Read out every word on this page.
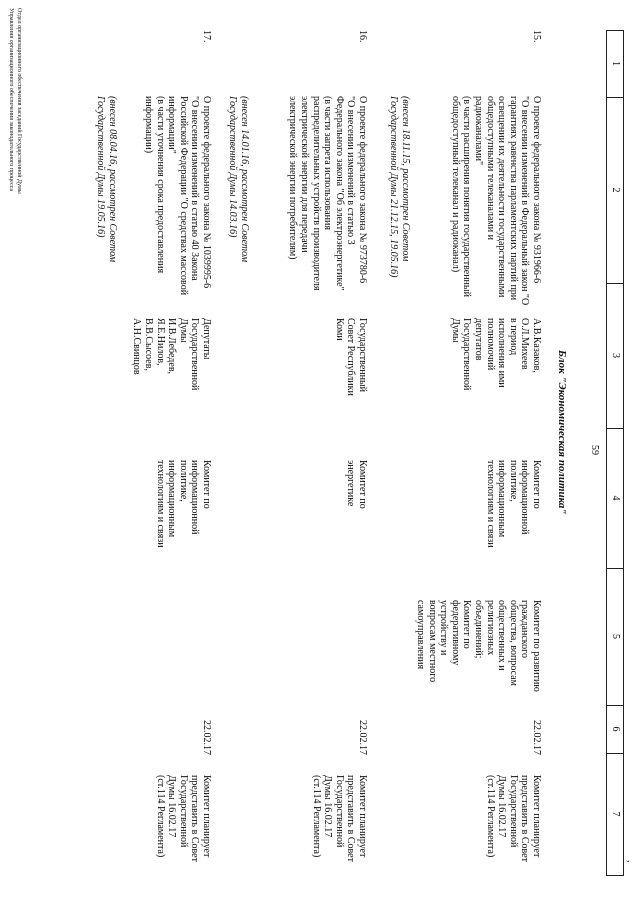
1
2
3
4
5
6
7
,
59
Блок "Экономическая политика"
15.
О проекте федерального закона № 931966-6
"О внесении изменений в Федеральный закон "О гарантиях равенства парламентских партий при освещении их деятельности государственными общедоступными телеканалами и радиоканалами"
(в части расширения понятия государственный общедоступный телеканал и радиоканал)
(внесен 18.11.15, рассмотрен Советом Государственной Думы 21.12.15, 19.05.16)
А.В.Казаков,
О.Л.Михеев
в период
исполнения ими
полномочий
депутатов
Государственной
Думы
Комитет по
информационной
политике,
информационным
технологиям и связи
Комитет по развитию
гражданского
общества, вопросам
общественных и
религиозных
объединений;
Комитет по
федеративному
устройству и
вопросам местного
самоуправления
22.02.17
Комитет планирует
представить в Совет
Государственной
Думы 16.02.17
(ст.114 Регламента)
16.
О проекте федерального закона № 973780-6
"О внесении изменений в статью 3
Федерального закона "Об электроэнергетике"
(в части запрета использования распределительных устройств производителя электрической энергии для передачи электрической энергии потребителям)
(внесен 14.01.16, рассмотрен Советом Государственной Думы 14.03.16)
Государственный
Совет Республики
Коми
Комитет по
энергетике
22.02.17
Комитет планирует
представить в Совет
Государственной
Думы 16.02.17
(ст.114 Регламента)
17.
О проекте федерального закона № 1039995-6
"О внесении изменений в статью 40 Закона Российской Федерации "О средствах массовой информации"
(в части уточнения срока предоставления информации)
(внесен 08.04.16, рассмотрен Советом Государственной Думы 19.05.16)
Депутаты
Государственной
Думы
И.В.Лебедев,
Я.Е.Нилов,
В.В.Сысоев,
А.Н.Свинцов
Комитет по
информационной
политике,
информационным
технологиям и связи
22.02.17
Комитет планирует
представить в Совет
Государственной
Думы 16.02.17
(ст.114 Регламента)
Отдел организационного обеспечения заседаний Государственной Думы
Управления организационного обеспечения законодательного процесса
